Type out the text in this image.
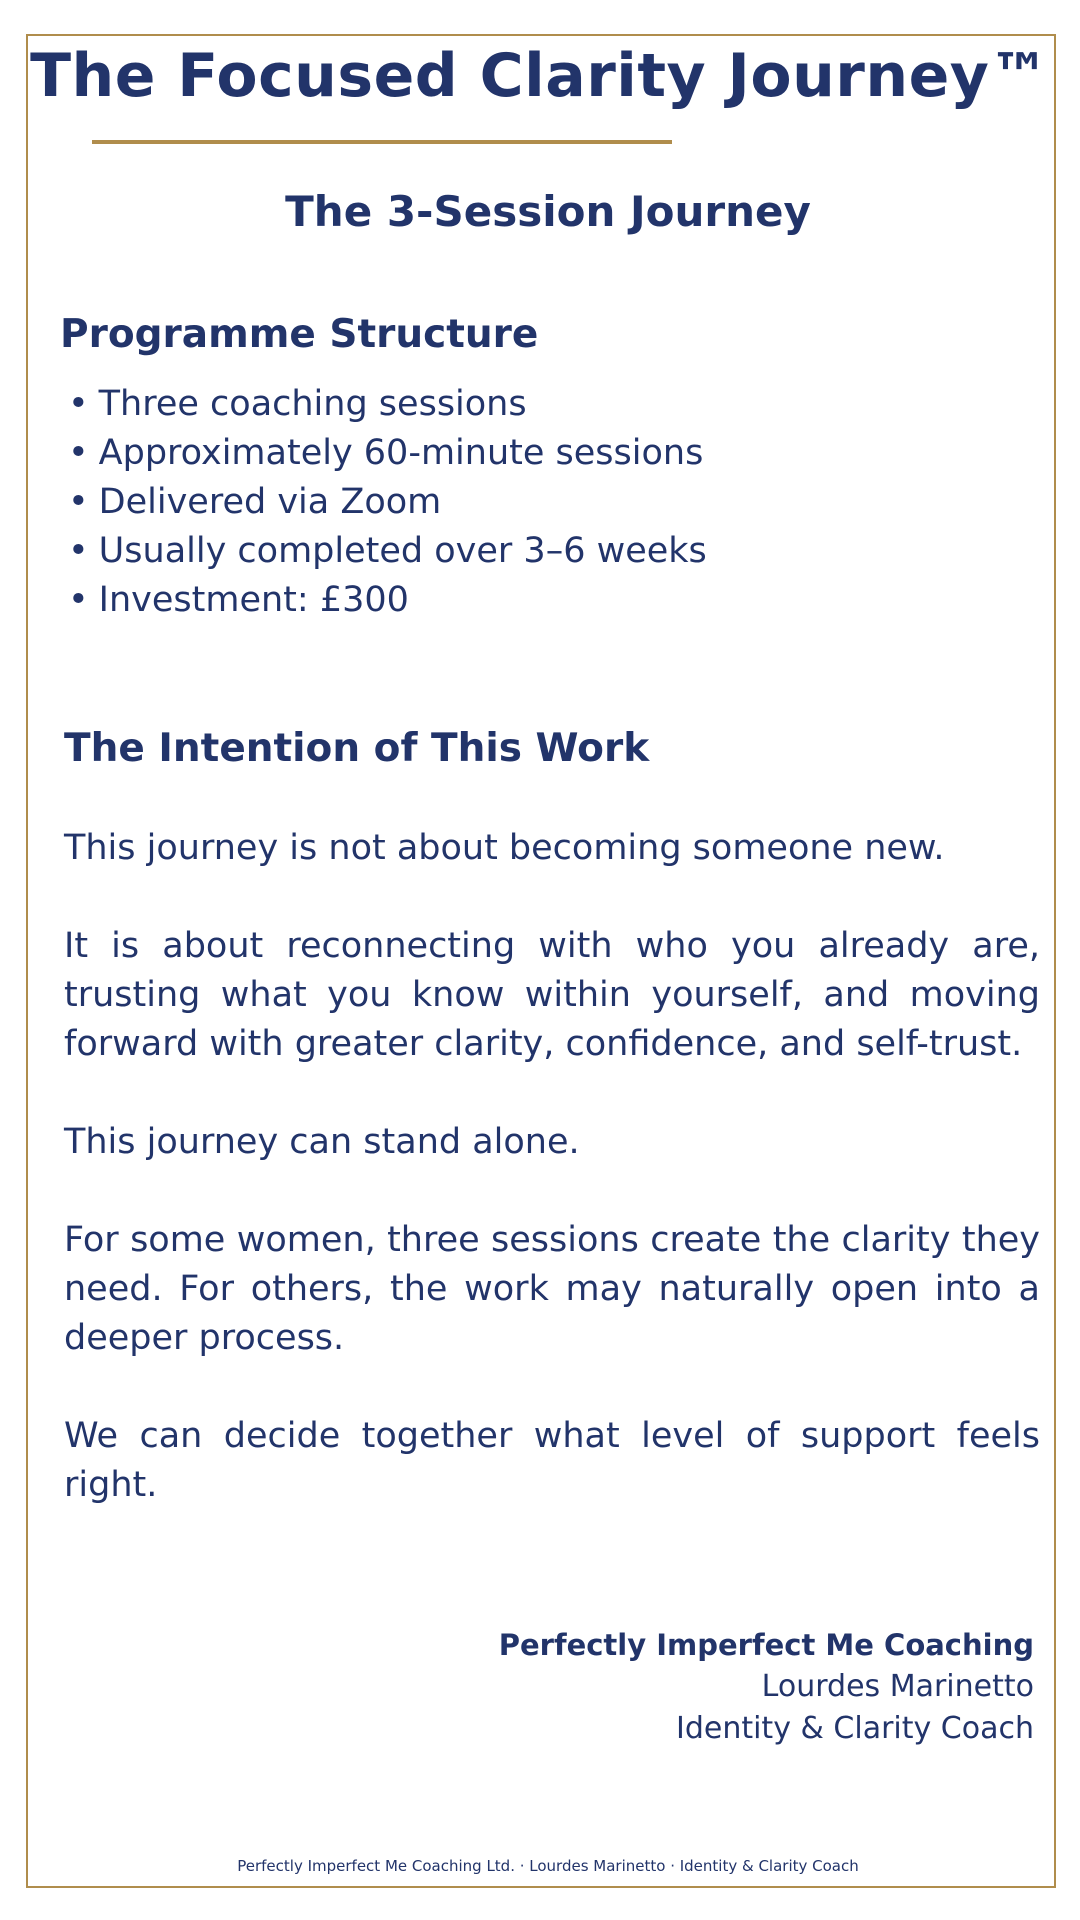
The Focused Clarity Journey™
The 3-Session Journey
Programme Structure
• Three coaching sessions
• Approximately 60-minute sessions
• Delivered via Zoom
• Usually completed over 3–6 weeks
• Investment: £300
The Intention of This Work

This journey is not about becoming someone new.

It is about reconnecting with who you already are, trusting what you know within yourself, and moving forward with greater clarity, confidence, and self-trust.

This journey can stand alone.

For some women, three sessions create the clarity they need. For others, the work may naturally open into a deeper process.

We can decide together what level of support feels right.

Perfectly Imperfect Me Coaching
Lourdes Marinetto
Identity & Clarity Coach
Perfectly Imperfect Me Coaching Ltd. · Lourdes Marinetto · Identity & Clarity Coach
